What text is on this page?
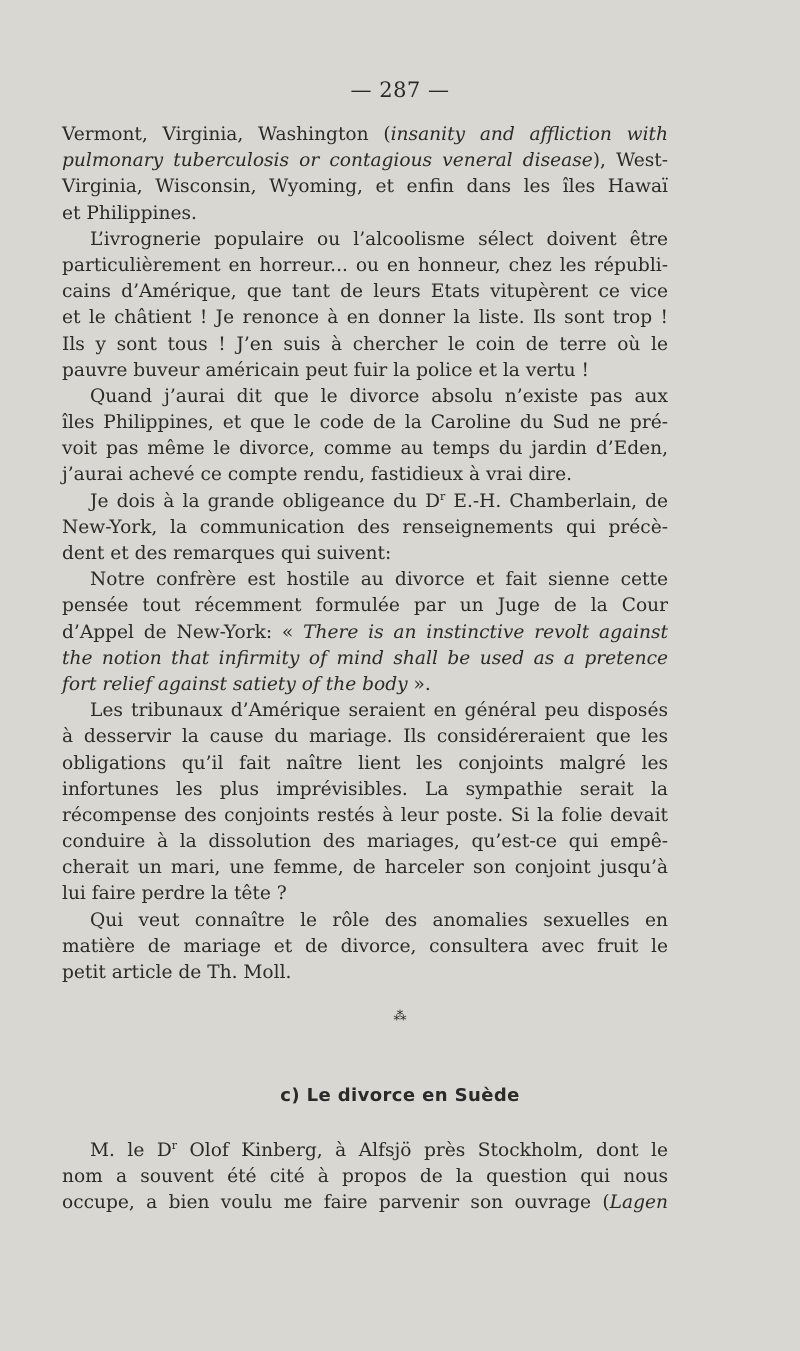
— 287 —
Vermont, Virginia, Washington (insanity and affliction with
pulmonary tuberculosis or contagious veneral disease), West-
Virginia, Wisconsin, Wyoming, et enfin dans les îles Hawaï
et Philippines.
L’ivrognerie populaire ou l’alcoolisme sélect doivent être
particulièrement en horreur... ou en honneur, chez les républi-
cains d’Amérique, que tant de leurs Etats vitupèrent ce vice
et le châtient ! Je renonce à en donner la liste. Ils sont trop !
Ils y sont tous ! J’en suis à chercher le coin de terre où le
pauvre buveur américain peut fuir la police et la vertu !
Quand j’aurai dit que le divorce absolu n’existe pas aux
îles Philippines, et que le code de la Caroline du Sud ne pré-
voit pas même le divorce, comme au temps du jardin d’Eden,
j’aurai achevé ce compte rendu, fastidieux à vrai dire.
Je dois à la grande obligeance du $D^r$ E.-H. Chamberlain, de
New-York, la communication des renseignements qui précè-
dent et des remarques qui suivent:
Notre confrère est hostile au divorce et fait sienne cette
pensée tout récemment formulée par un Juge de la Cour
d’Appel de New-York: « There is an instinctive revolt against
the notion that infirmity of mind shall be used as a pretence
fort relief against satiety of the body ».
Les tribunaux d’Amérique seraient en général peu disposés
à desservir la cause du mariage. Ils considéreraient que les
obligations qu’il fait naître lient les conjoints malgré les
infortunes les plus imprévisibles. La sympathie serait la
récompense des conjoints restés à leur poste. Si la folie devait
conduire à la dissolution des mariages, qu’est-ce qui empê-
cherait un mari, une femme, de harceler son conjoint jusqu’à
lui faire perdre la tête ?
Qui veut connaître le rôle des anomalies sexuelles en
matière de mariage et de divorce, consultera avec fruit le
petit article de Th. Moll.
⁂
c) Le divorce en Suède
M. le $D^r$ Olof Kinberg, à Alfsjö près Stockholm, dont le
nom a souvent été cité à propos de la question qui nous
occupe, a bien voulu me faire parvenir son ouvrage (Lagen
